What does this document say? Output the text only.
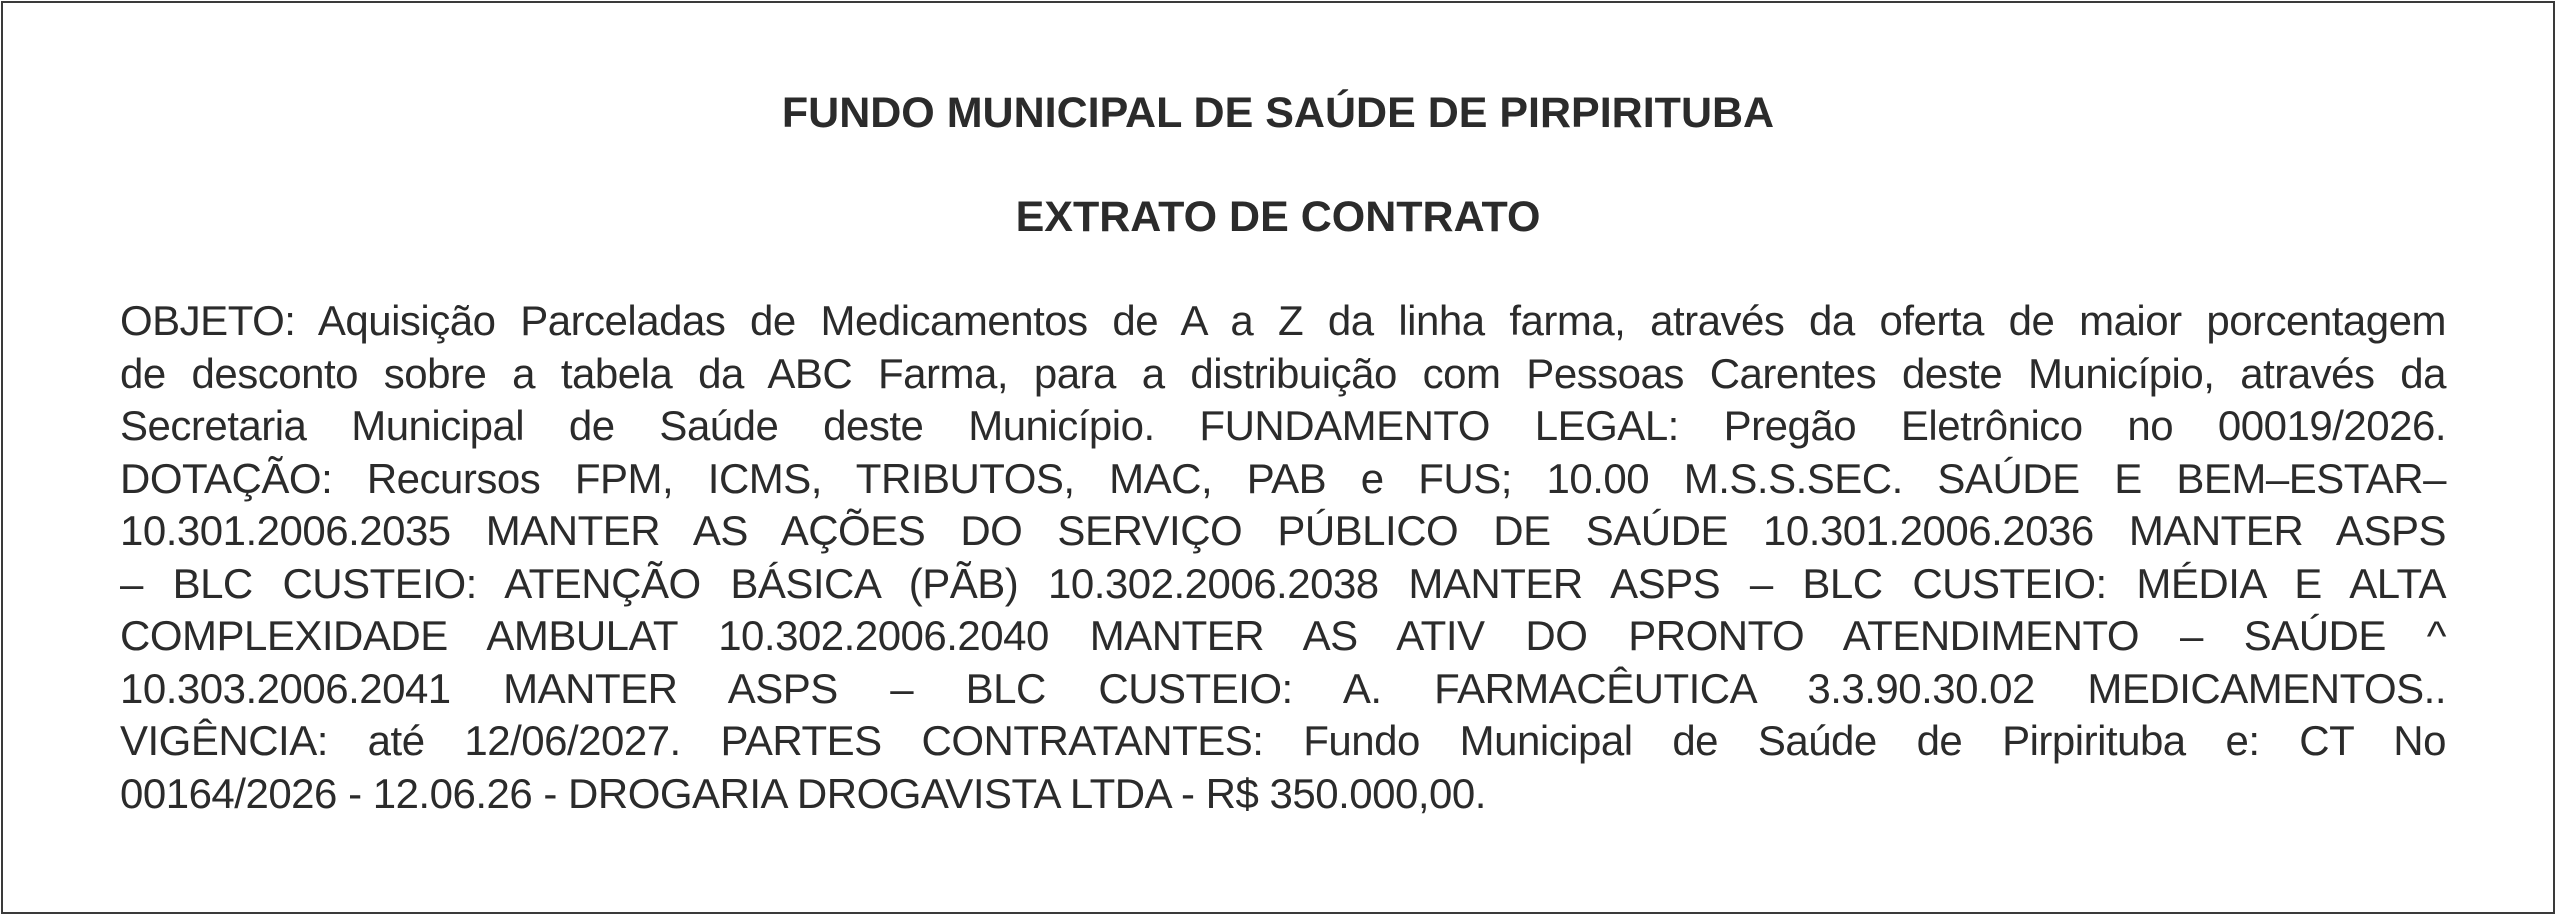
FUNDO MUNICIPAL DE SAÚDE DE PIRPIRITUBA
EXTRATO DE CONTRATO

OBJETO: Aquisição Parceladas de Medicamentos de A a Z da linha farma, através da oferta de maior porcentagem
de desconto sobre a tabela da ABC Farma, para a distribuição com Pessoas Carentes deste Município, através da
Secretaria Municipal de Saúde deste Município. FUNDAMENTO LEGAL: Pregão Eletrônico no 00019/2026.
DOTAÇÃO: Recursos FPM, ICMS, TRIBUTOS, MAC, PAB e FUS; 10.00 M.S.S.SEC. SAÚDE E BEM–ESTAR–
10.301.2006.2035 MANTER AS AÇÕES DO SERVIÇO PÚBLICO DE SAÚDE 10.301.2006.2036 MANTER ASPS
– BLC CUSTEIO: ATENÇÃO BÁSICA (PÃB) 10.302.2006.2038 MANTER ASPS – BLC CUSTEIO: MÉDIA E ALTA
COMPLEXIDADE AMBULAT 10.302.2006.2040 MANTER AS ATIV DO PRONTO ATENDIMENTO – SAÚDE ^
10.303.2006.2041 MANTER ASPS – BLC CUSTEIO: A. FARMACÊUTICA 3.3.90.30.02 MEDICAMENTOS..
VIGÊNCIA: até 12/06/2027. PARTES CONTRATANTES: Fundo Municipal de Saúde de Pirpirituba e: CT No
00164/2026 - 12.06.26 - DROGARIA DROGAVISTA LTDA - R$ 350.000,00.
